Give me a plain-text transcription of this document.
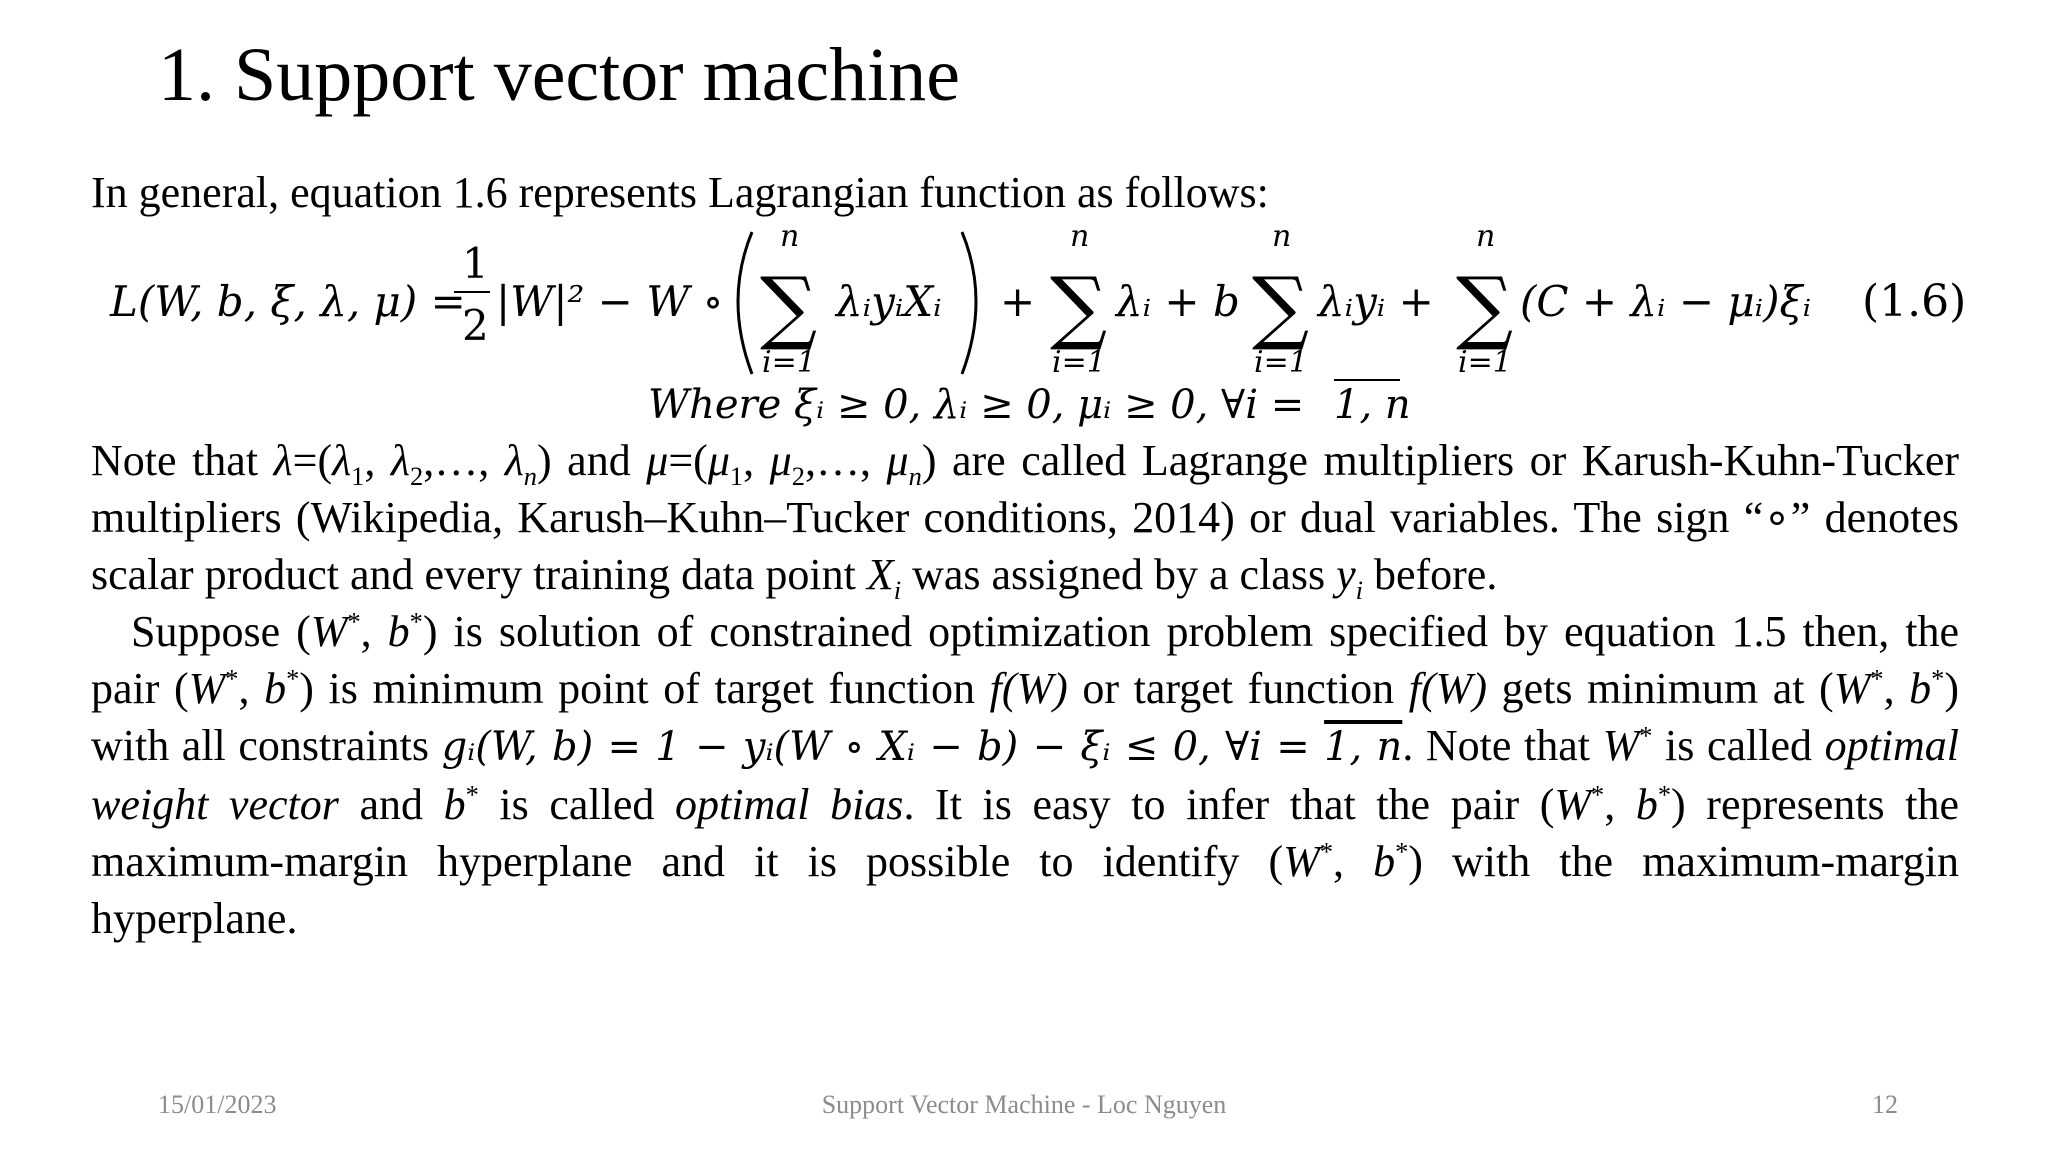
1. Support vector machine

In general, equation 1.6 represents Lagrangian function as follows:

L(W, b, ξ, λ, μ) =
1
2 |W|² − W ∘
n
∑
i=1
λᵢyᵢXᵢ +
n
∑
i=1
λᵢ + b
n
∑
i=1
λᵢyᵢ +
n
∑
i=1
(C + λᵢ − μᵢ)ξᵢ (1.6)
Where ξᵢ ≥ 0, λᵢ ≥ 0, μᵢ ≥ 0, ∀i = 1, n

Note that $\lambda=(\lambda_1$, $\lambda_2,\dots$, $\lambda_n$) and $\mu=(\mu_1$, $\mu_2,\dots$, $\mu_n$) are called Lagrange multipliers or Karush-Kuhn-Tucker multipliers (Wikipedia, Karush–Kuhn–Tucker conditions, 2014) or dual variables. The sign “∘” denotes scalar product and every training data point $X_i$ was assigned by a class $y_i$ before.

Suppose (W*, b*) is solution of constrained optimization problem specified by equation 1.5 then, the pair (W*, b*) is minimum point of target function f(W) or target function f(W) gets minimum at (W*, b*) with all constraints gᵢ(W, b) = 1 − yᵢ(W ∘ Xᵢ − b) − ξᵢ ≤ 0, ∀i = 1, n. Note that W* is called optimal weight vector and b* is called optimal bias. It is easy to infer that the pair (W*, b*) represents the maximum-margin hyperplane and it is possible to identify (W*, b*) with the maximum-margin hyperplane.

15/01/2023	Support Vector Machine - Loc Nguyen	12
